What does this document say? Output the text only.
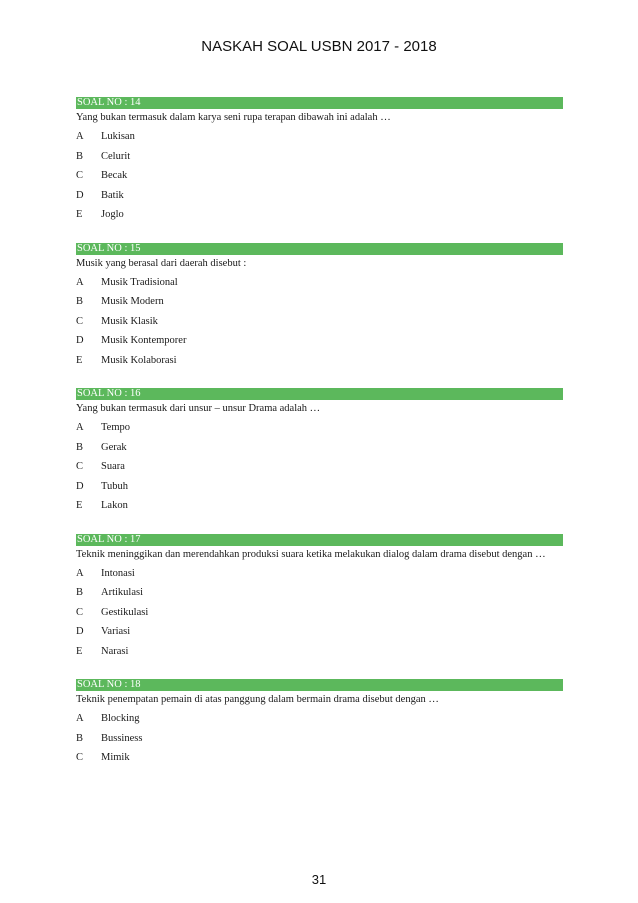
NASKAH SOAL USBN 2017 - 2018
SOAL NO : 14
Yang bukan termasuk dalam karya seni rupa terapan dibawah ini adalah …
A	Lukisan
B	Celurit
C	Becak
D	Batik
E	Joglo
SOAL NO : 15
Musik yang berasal dari daerah disebut :
A	Musik Tradisional
B	Musik Modern
C	Musik Klasik
D	Musik Kontemporer
E	Musik Kolaborasi
SOAL NO : 16
Yang bukan termasuk dari unsur – unsur Drama adalah …
A	Tempo
B	Gerak
C	Suara
D	Tubuh
E	Lakon
SOAL NO : 17
Teknik meninggikan dan merendahkan produksi suara ketika melakukan dialog dalam drama disebut dengan …
A	Intonasi
B	Artikulasi
C	Gestikulasi
D	Variasi
E	Narasi
SOAL NO : 18
Teknik penempatan pemain di atas panggung dalam bermain drama disebut dengan …
A	Blocking
B	Bussiness
C	Mimik
31
